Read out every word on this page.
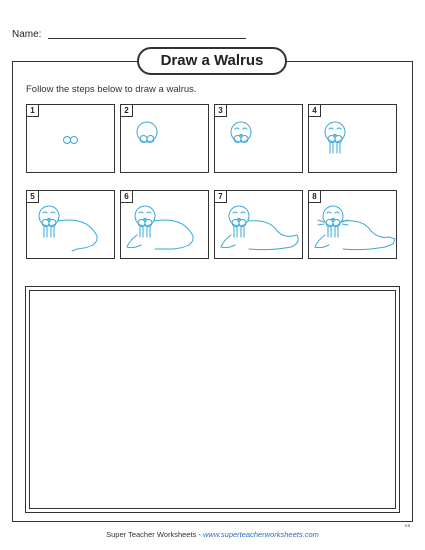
Name:
Draw a Walrus
Follow the steps below to draw a walrus.
1	2	3	4
5	6	7	8
Super Teacher Worksheets - www.superteacherworksheets.com
KS
